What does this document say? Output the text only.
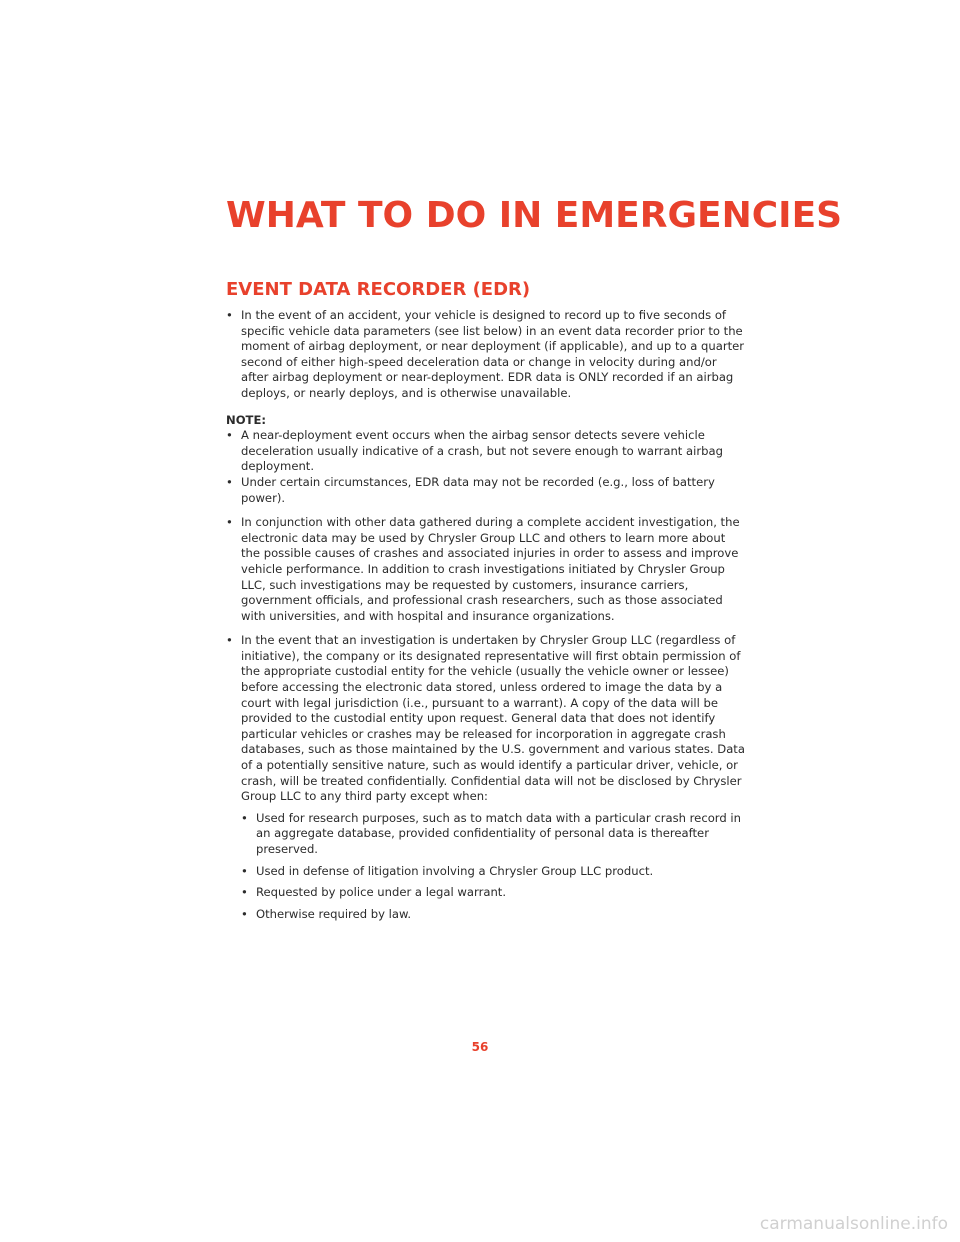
WHAT TO DO IN EMERGENCIES
EVENT DATA RECORDER (EDR)
• In the event of an accident, your vehicle is designed to record up to five seconds of specific vehicle data parameters (see list below) in an event data recorder prior to the moment of airbag deployment, or near deployment (if applicable), and up to a quarter second of either high-speed deceleration data or change in velocity during and/or after airbag deployment or near-deployment. EDR data is ONLY recorded if an airbag deploys, or nearly deploys, and is otherwise unavailable.
NOTE:
• A near-deployment event occurs when the airbag sensor detects severe vehicle deceleration usually indicative of a crash, but not severe enough to warrant airbag deployment.
• Under certain circumstances, EDR data may not be recorded (e.g., loss of battery power).
• In conjunction with other data gathered during a complete accident investigation, the electronic data may be used by Chrysler Group LLC and others to learn more about the possible causes of crashes and associated injuries in order to assess and improve vehicle performance. In addition to crash investigations initiated by Chrysler Group LLC, such investigations may be requested by customers, insurance carriers, government officials, and professional crash researchers, such as those associated with universities, and with hospital and insurance organizations.
• In the event that an investigation is undertaken by Chrysler Group LLC (regardless of initiative), the company or its designated representative will first obtain permission of the appropriate custodial entity for the vehicle (usually the vehicle owner or lessee) before accessing the electronic data stored, unless ordered to image the data by a court with legal jurisdiction (i.e., pursuant to a warrant). A copy of the data will be provided to the custodial entity upon request. General data that does not identify particular vehicles or crashes may be released for incorporation in aggregate crash databases, such as those maintained by the U.S. government and various states. Data of a potentially sensitive nature, such as would identify a particular driver, vehicle, or crash, will be treated confidentially. Confidential data will not be disclosed by Chrysler Group LLC to any third party except when:
• Used for research purposes, such as to match data with a particular crash record in an aggregate database, provided confidentiality of personal data is thereafter preserved.
• Used in defense of litigation involving a Chrysler Group LLC product.
• Requested by police under a legal warrant.
• Otherwise required by law.
56
carmanualsonline.info
